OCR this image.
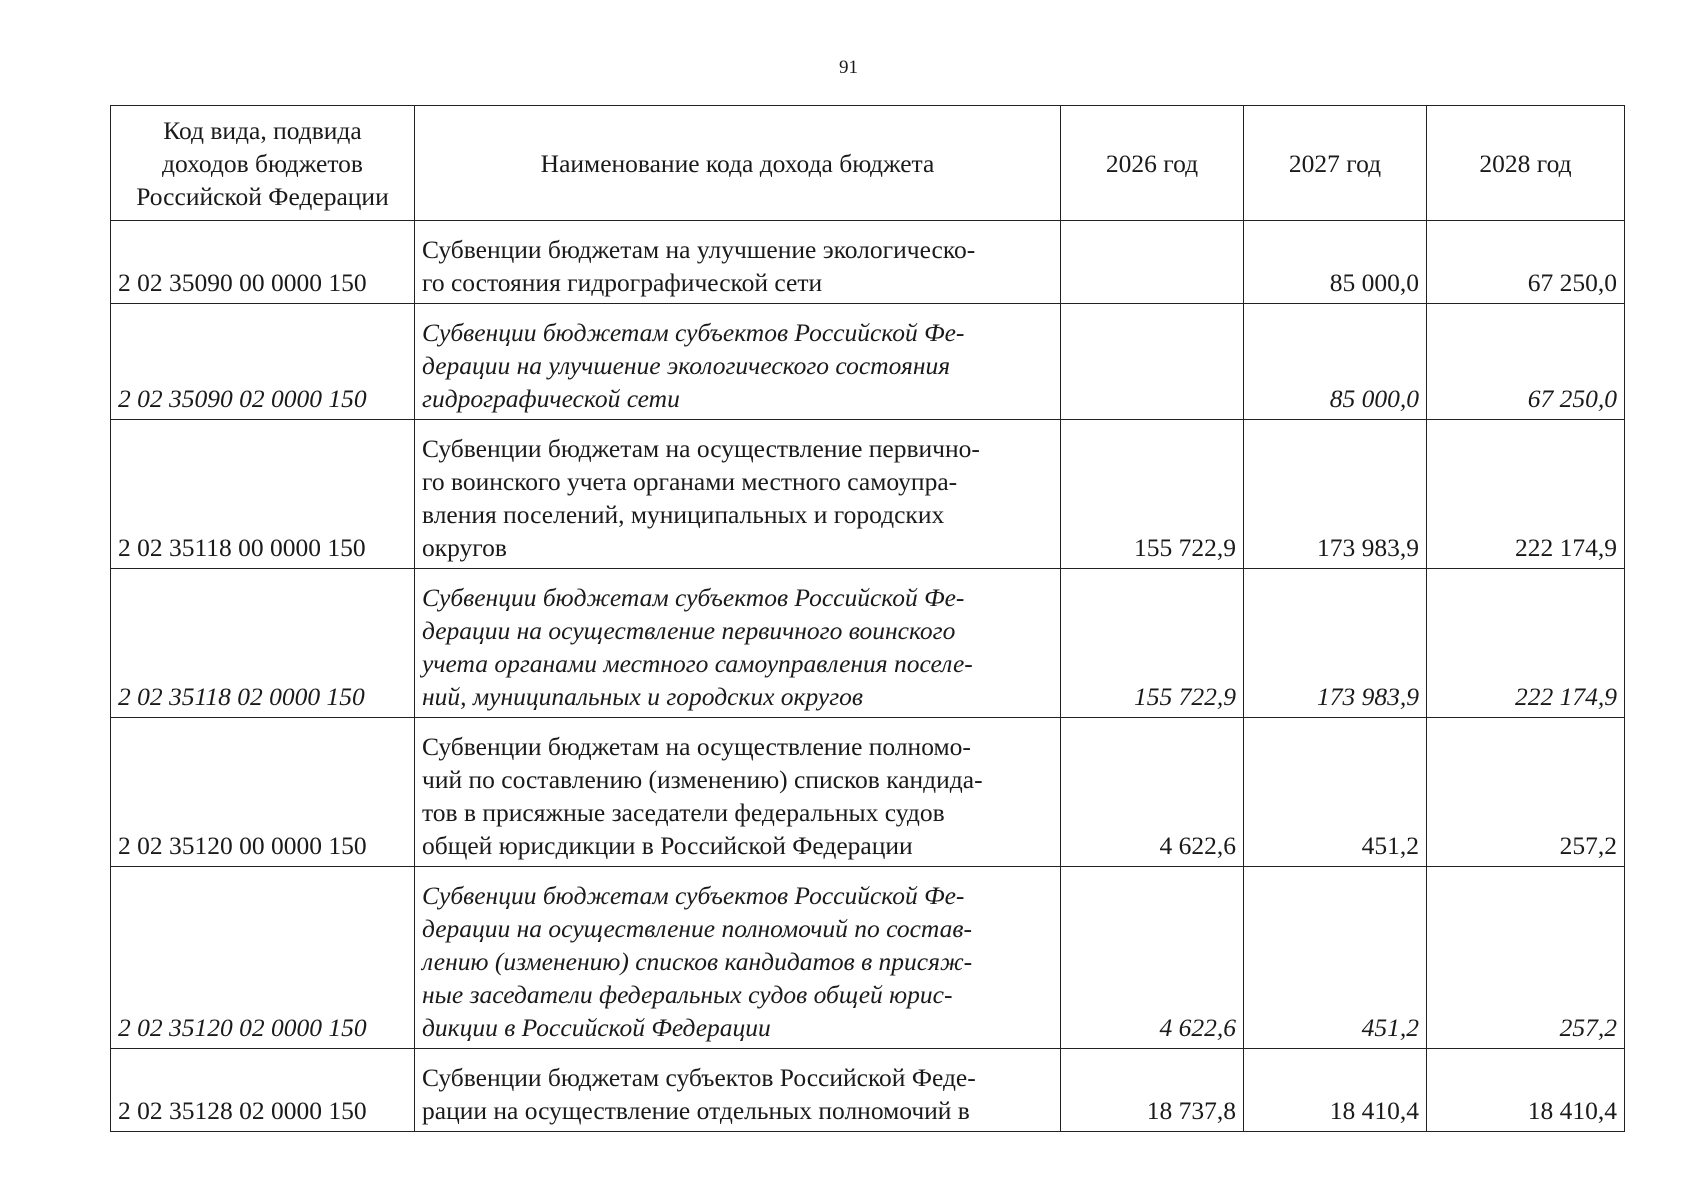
91
Код вида, подвида
доходов бюджетов
Российской Федерации	Наименование кода дохода бюджета	2026 год	2027 год	2028 год
2 02 35090 00 0000 150	Субвенции бюджетам на улучшение экологическо-
го состояния гидрографической сети		85 000,0	67 250,0
2 02 35090 02 0000 150	Субвенции бюджетам субъектов Российской Фе-
дерации на улучшение экологического состояния
гидрографической сети		85 000,0	67 250,0
2 02 35118 00 0000 150	Субвенции бюджетам на осуществление первично-
го воинского учета органами местного самоупра-
вления поселений, муниципальных и городских
округов	155 722,9	173 983,9	222 174,9
2 02 35118 02 0000 150	Субвенции бюджетам субъектов Российской Фе-
дерации на осуществление первичного воинского
учета органами местного самоуправления поселе-
ний, муниципальных и городских округов	155 722,9	173 983,9	222 174,9
2 02 35120 00 0000 150	Субвенции бюджетам на осуществление полномо-
чий по составлению (изменению) списков кандида-
тов в присяжные заседатели федеральных судов
общей юрисдикции в Российской Федерации	4 622,6	451,2	257,2
2 02 35120 02 0000 150	Субвенции бюджетам субъектов Российской Фе-
дерации на осуществление полномочий по состав-
лению (изменению) списков кандидатов в присяж-
ные заседатели федеральных судов общей юрис-
дикции в Российской Федерации	4 622,6	451,2	257,2
2 02 35128 02 0000 150	Субвенции бюджетам субъектов Российской Феде-
рации на осуществление отдельных полномочий в	18 737,8	18 410,4	18 410,4
